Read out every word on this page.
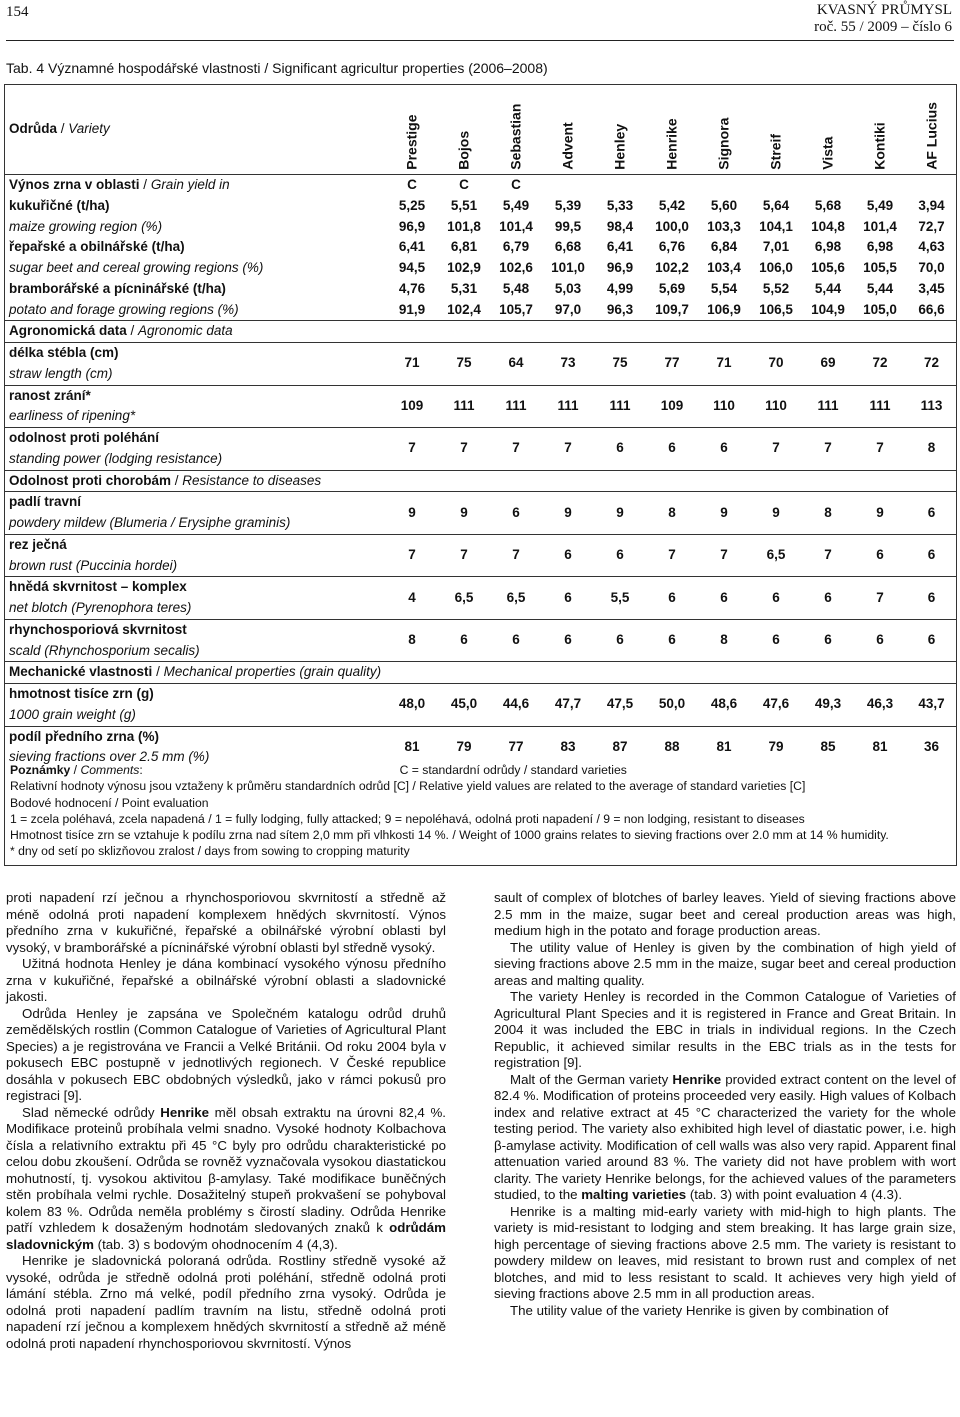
154	KVASNÝ PRŮMYSL
roč. 55 / 2009 – číslo 6
Tab. 4 Významné hospodářské vlastnosti / Significant agricultur properties (2006–2008)
Odrůda / Variety	Prestige	Bojos	Sebastian	Advent	Henley	Henrike	Signora	Streif	Vista	Kontiki	AF Lucius

Výnos zrna v oblasti / Grain yield in	C	C	C								
kukuřičné (t/ha)	5,25	5,51	5,49	5,39	5,33	5,42	5,60	5,64	5,68	5,49	3,94
maize growing region (%)	96,9	101,8	101,4	99,5	98,4	100,0	103,3	104,1	104,8	101,4	72,7
řepařské a obilnářské (t/ha)	6,41	6,81	6,79	6,68	6,41	6,76	6,84	7,01	6,98	6,98	4,63
sugar beet and cereal growing regions (%)	94,5	102,9	102,6	101,0	96,9	102,2	103,4	106,0	105,6	105,5	70,0
bramborářské a pícninářské (t/ha)	4,76	5,31	5,48	5,03	4,99	5,69	5,54	5,52	5,44	5,44	3,45
potato and forage growing regions (%)	91,9	102,4	105,7	97,0	96,3	109,7	106,9	106,5	104,9	105,0	66,6
Agronomická data / Agronomic data											
délka stébla (cm)	71	75	64	73	75	77	71	70	69	72	72
straw length (cm)											
ranost zrání*	109	111	111	111	111	109	110	110	111	111	113
earliness of ripening*											
odolnost proti poléhání	7	7	7	7	6	6	6	7	7	7	8
standing power (lodging resistance)											
Odolnost proti chorobám / Resistance to diseases											
padlí travní	9	9	6	9	9	8	9	9	8	9	6
powdery mildew (Blumeria / Erysiphe graminis)											
rez ječná	7	7	7	6	6	7	7	6,5	7	6	6
brown rust (Puccinia hordei)											
hnědá skvrnitost – komplex	4	6,5	6,5	6	5,5	6	6	6	6	7	6
net blotch (Pyrenophora teres)											
rhynchosporiová skvrnitost	8	6	6	6	6	6	8	6	6	6	6
scald (Rhynchosporium secalis)											
Mechanické vlastnosti / Mechanical properties (grain quality)											
hmotnost tisíce zrn (g)	48,0	45,0	44,6	47,7	47,5	50,0	48,6	47,6	49,3	46,3	43,7
1000 grain weight (g)											
podíl předního zrna (%)	81	79	77	83	87	88	81	79	85	81	36
sieving fractions over 2.5 mm (%)											
Poznámky / Comments:	C = standardní odrůdy / standard varieties
Relativní hodnoty výnosu jsou vztaženy k průměru standardních odrůd [C] / Relative yield values are related to the average of standard varieties [C]
Bodové hodnocení / Point evaluation
1 = zcela poléhavá, zcela napadená / 1 = fully lodging, fully attacked; 9 = nepoléhavá, odolná proti napadení / 9 = non lodging, resistant to diseases
Hmotnost tisíce zrn se vztahuje k podílu zrna nad sítem 2,0 mm při vlhkosti 14 %. / Weight of 1000 grains relates to sieving fractions over 2.0 mm at 14 % humidity.
* dny od setí po sklizňovou zralost / days from sowing to cropping maturity

proti napadení rzí ječnou a rhynchosporiovou skvrnitostí a středně až méně odolná proti napadení komplexem hnědých skvrnitostí. Výnos předního zrna v kukuřičné, řepařské a obilnářské výrobní oblasti byl vysoký, v bramborářské a pícninářské výrobní oblasti byl středně vysoký.

Užitná hodnota Henley je dána kombinací vysokého výnosu předního zrna v kukuřičné, řepařské a obilnářské výrobní oblasti a sladovnické jakosti.

Odrůda Henley je zapsána ve Společném katalogu odrůd druhů zemědělských rostlin (Common Catalogue of Varieties of Agricultural Plant Species) a je registrována ve Francii a Velké Británii. Od roku 2004 byla v pokusech EBC postupně v jednotlivých regionech. V České republice dosáhla v pokusech EBC obdobných výsledků, jako v rámci pokusů pro registraci [9].

Slad německé odrůdy Henrike měl obsah extraktu na úrovni 82,4 %. Modifikace proteinů probíhala velmi snadno. Vysoké hodnoty Kolbachova čísla a relativního extraktu při 45 °C byly pro odrůdu charakteristické po celou dobu zkoušení. Odrůda se rovněž vyznačovala vysokou diastatickou mohutností, tj. vysokou aktivitou β-amylasy. Také modifikace buněčných stěn probíhala velmi rychle. Dosažitelný stupeň prokvašení se pohyboval kolem 83 %. Odrůda neměla problémy s čirostí sladiny. Odrůda Henrike patří vzhledem k dosaženým hodnotám sledovaných znaků k odrůdám sladovnickým (tab. 3) s bodovým ohodnocením 4 (4,3).

Henrike je sladovnická poloraná odrůda. Rostliny středně vysoké až vysoké, odrůda je středně odolná proti poléhání, středně odolná proti lámání stébla. Zrno má velké, podíl předního zrna vysoký. Odrůda je odolná proti napadení padlím travním na listu, středně odolná proti napadení rzí ječnou a komplexem hnědých skvrnitostí a středně až méně odolná proti napadení rhynchosporiovou skvrnitostí. Výnos

sault of complex of blotches of barley leaves. Yield of sieving fractions above 2.5 mm in the maize, sugar beet and cereal production areas was high, medium high in the potato and forage production areas.

The utility value of Henley is given by the combination of high yield of sieving fractions above 2.5 mm in the maize, sugar beet and cereal production areas and malting quality.

The variety Henley is recorded in the Common Catalogue of Varieties of Agricultural Plant Species and it is registered in France and Great Britain. In 2004 it was included the EBC in trials in individual regions. In the Czech Republic, it achieved similar results in the EBC trials as in the tests for registration [9].

Malt of the German variety Henrike provided extract content on the level of 82.4 %. Modification of proteins proceeded very easily. High values of Kolbach index and relative extract at 45 °C characterized the variety for the whole testing period. The variety also exhibited high level of diastatic power, i.e. high β-amylase activity. Modification of cell walls was also very rapid. Apparent final attenuation varied around 83 %. The variety did not have problem with wort clarity. The variety Henrike belongs, for the achieved values of the parameters studied, to the malting varieties (tab. 3) with point evaluation 4 (4.3).

Henrike is a malting mid-early variety with mid-high to high plants. The variety is mid-resistant to lodging and stem breaking. It has large grain size, high percentage of sieving fractions above 2.5 mm. The variety is resistant to powdery mildew on leaves, mid resistant to brown rust and complex of net blotches, and mid to less resistant to scald. It achieves very high yield of sieving fractions above 2.5 mm in all production areas.

The utility value of the variety Henrike is given by combination of
